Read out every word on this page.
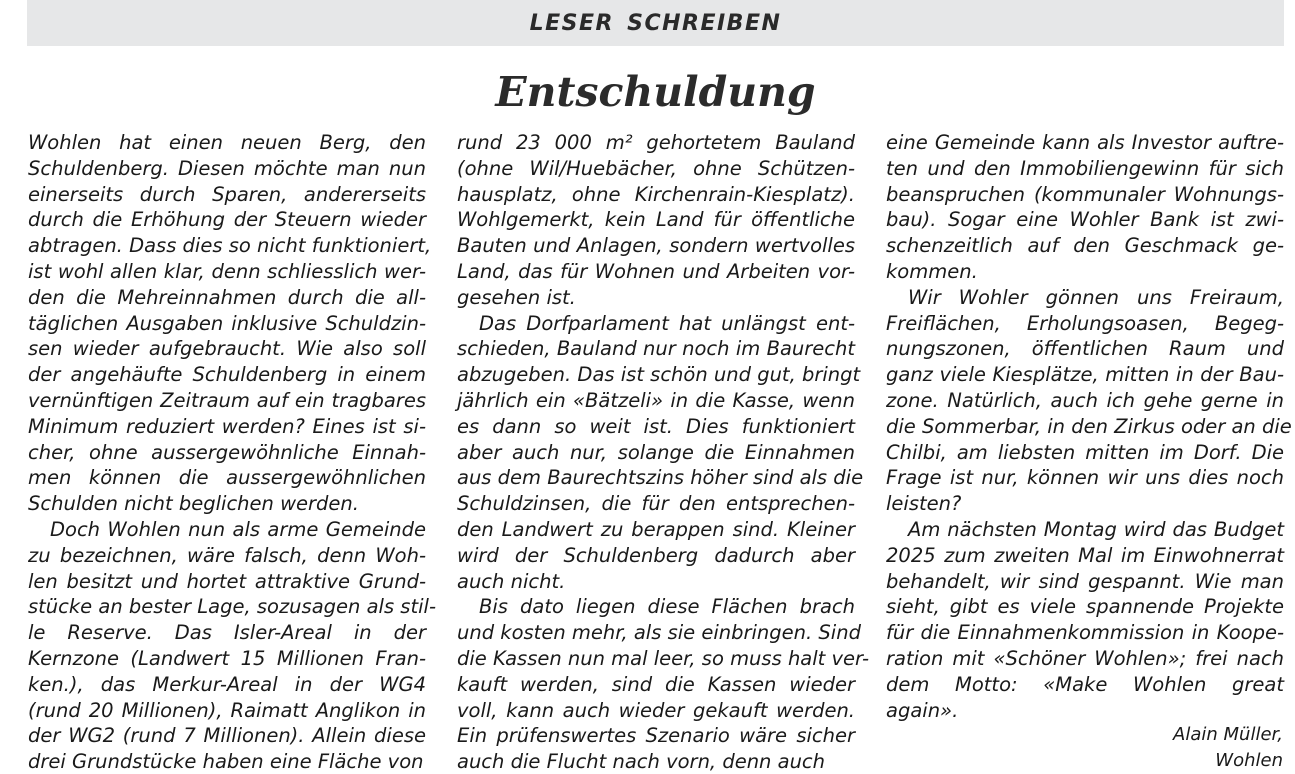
LESER SCHREIBEN
Entschuldung
Wohlen hat einen neuen Berg, den
Schuldenberg. Diesen möchte man nun
einerseits durch Sparen, andererseits
durch die Erhöhung der Steuern wieder
abtragen. Dass dies so nicht funktioniert,
ist wohl allen klar, denn schliesslich wer-
den die Mehreinnahmen durch die all-
täglichen Ausgaben inklusive Schuldzin-
sen wieder aufgebraucht. Wie also soll
der angehäufte Schuldenberg in einem
vernünftigen Zeitraum auf ein tragbares
Minimum reduziert werden? Eines ist si-
cher, ohne aussergewöhnliche Einnah-
men können die aussergewöhnlichen
Schulden nicht beglichen werden.
Doch Wohlen nun als arme Gemeinde
zu bezeichnen, wäre falsch, denn Woh-
len besitzt und hortet attraktive Grund-
stücke an bester Lage, sozusagen als stil-
le Reserve. Das Isler-Areal in der
Kernzone (Landwert 15 Millionen Fran-
ken.), das Merkur-Areal in der WG4
(rund 20 Millionen), Raimatt Anglikon in
der WG2 (rund 7 Millionen). Allein diese
drei Grundstücke haben eine Fläche von
rund 23 000 m² gehortetem Bauland
(ohne Wil/Huebächer, ohne Schützen-
hausplatz, ohne Kirchenrain-Kiesplatz).
Wohlgemerkt, kein Land für öffentliche
Bauten und Anlagen, sondern wertvolles
Land, das für Wohnen und Arbeiten vor-
gesehen ist.
Das Dorfparlament hat unlängst ent-
schieden, Bauland nur noch im Baurecht
abzugeben. Das ist schön und gut, bringt
jährlich ein «Bätzeli» in die Kasse, wenn
es dann so weit ist. Dies funktioniert
aber auch nur, solange die Einnahmen
aus dem Baurechtszins höher sind als die
Schuldzinsen, die für den entsprechen-
den Landwert zu berappen sind. Kleiner
wird der Schuldenberg dadurch aber
auch nicht.
Bis dato liegen diese Flächen brach
und kosten mehr, als sie einbringen. Sind
die Kassen nun mal leer, so muss halt ver-
kauft werden, sind die Kassen wieder
voll, kann auch wieder gekauft werden.
Ein prüfenswertes Szenario wäre sicher
auch die Flucht nach vorn, denn auch
eine Gemeinde kann als Investor auftre-
ten und den Immobiliengewinn für sich
beanspruchen (kommunaler Wohnungs-
bau). Sogar eine Wohler Bank ist zwi-
schenzeitlich auf den Geschmack ge-
kommen.
Wir Wohler gönnen uns Freiraum,
Freiflächen, Erholungsoasen, Begeg-
nungszonen, öffentlichen Raum und
ganz viele Kiesplätze, mitten in der Bau-
zone. Natürlich, auch ich gehe gerne in
die Sommerbar, in den Zirkus oder an die
Chilbi, am liebsten mitten im Dorf. Die
Frage ist nur, können wir uns dies noch
leisten?
Am nächsten Montag wird das Budget
2025 zum zweiten Mal im Einwohnerrat
behandelt, wir sind gespannt. Wie man
sieht, gibt es viele spannende Projekte
für die Einnahmenkommission in Koope-
ration mit «Schöner Wohlen»; frei nach
dem Motto: «Make Wohlen great
again».
Alain Müller,
Wohlen
